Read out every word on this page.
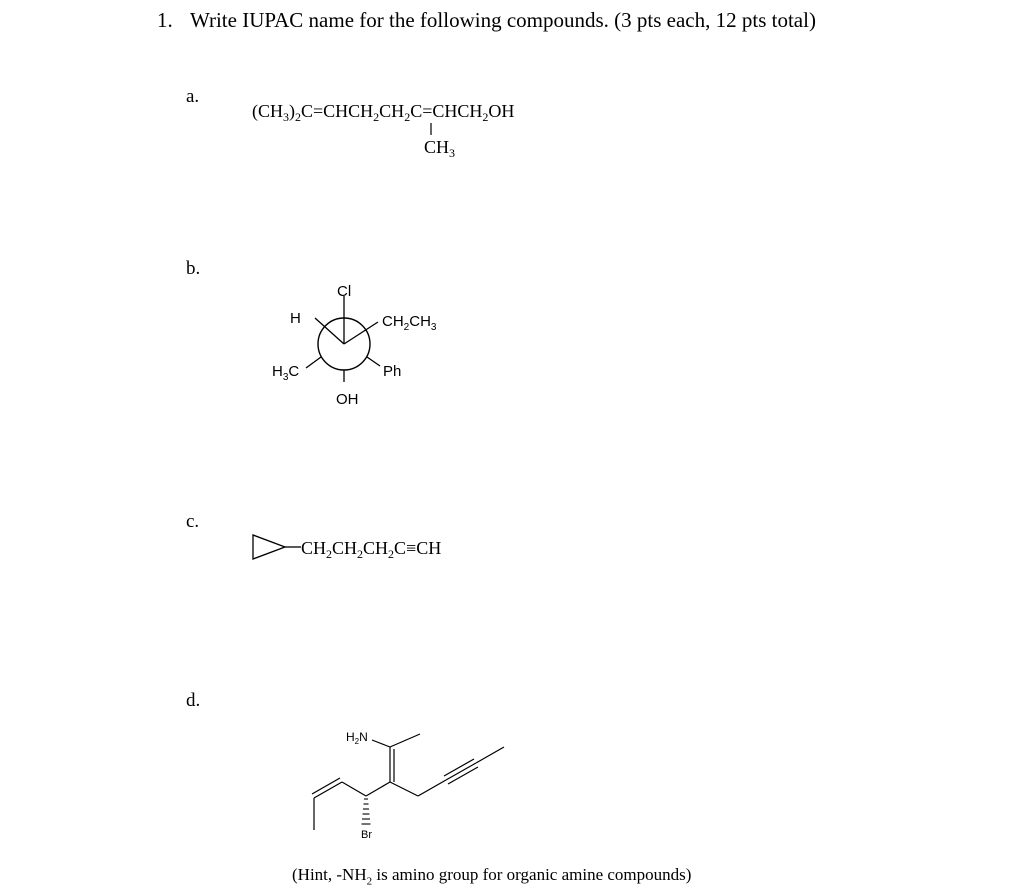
1. Write IUPAC name for the following compounds. (3 pts each, 12 pts total)
a.
b.
c.
d.
$(CH_3)_2C=CHCH_2CH_2C=CHCH_2OH$
$CH_3$
Cl
H	$CH_2CH_3$
$H_3C$	Ph
OH
$CH_2CH_2CH_2C\equiv CH$
$H_2N$
Br
(Hint, $-NH_2$ is amino group for organic amine compounds)
